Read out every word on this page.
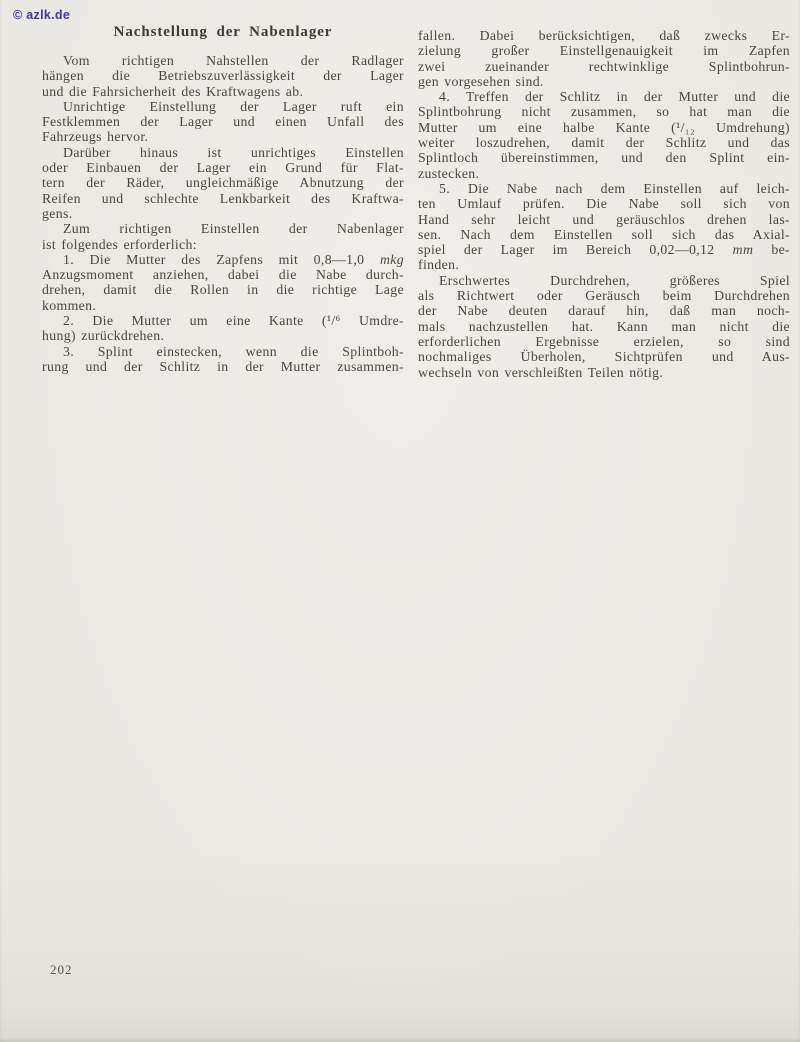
© azlk.de
Nachstellung der Nabenlager
Vom richtigen Nahstellen der Radlager
hängen die Betriebszuverlässigkeit der Lager
und die Fahrsicherheit des Kraftwagens ab.
Unrichtige Einstellung der Lager ruft ein
Festklemmen der Lager und einen Unfall des
Fahrzeugs hervor.
Darüber hinaus ist unrichtiges Einstellen
oder Einbauen der Lager ein Grund für Flat-
tern der Räder, ungleichmäßige Abnutzung der
Reifen und schlechte Lenkbarkeit des Kraftwa-
gens.
Zum richtigen Einstellen der Nabenlager
ist folgendes erforderlich:
1. Die Mutter des Zapfens mit 0,8—1,0 mkg
Anzugsmoment anziehen, dabei die Nabe durch-
drehen, damit die Rollen in die richtige Lage
kommen.
2. Die Mutter um eine Kante (¹/⁶ Umdre-
hung) zurückdrehen.
3. Splint einstecken, wenn die Splintboh-
rung und der Schlitz in der Mutter zusammen-
fallen. Dabei berücksichtigen, daß zwecks Er-
zielung großer Einstellgenauigkeit im Zapfen
zwei zueinander rechtwinklige Splintbohrun-
gen vorgesehen sind.
4. Treffen der Schlitz in der Mutter und die
Splintbohrung nicht zusammen, so hat man die
Mutter um eine halbe Kante (¹/₁₂ Umdrehung)
weiter loszudrehen, damit der Schlitz und das
Splintloch übereinstimmen, und den Splint ein-
zustecken.
5. Die Nabe nach dem Einstellen auf leich-
ten Umlauf prüfen. Die Nabe soll sich von
Hand sehr leicht und geräuschlos drehen las-
sen. Nach dem Einstellen soll sich das Axial-
spiel der Lager im Bereich 0,02—0,12 mm be-
finden.
Erschwertes Durchdrehen, größeres Spiel
als Richtwert oder Geräusch beim Durchdrehen
der Nabe deuten darauf hin, daß man noch-
mals nachzustellen hat. Kann man nicht die
erforderlichen Ergebnisse erzielen, so sind
nochmaliges Überholen, Sichtprüfen und Aus-
wechseln von verschleißten Teilen nötig.
202
